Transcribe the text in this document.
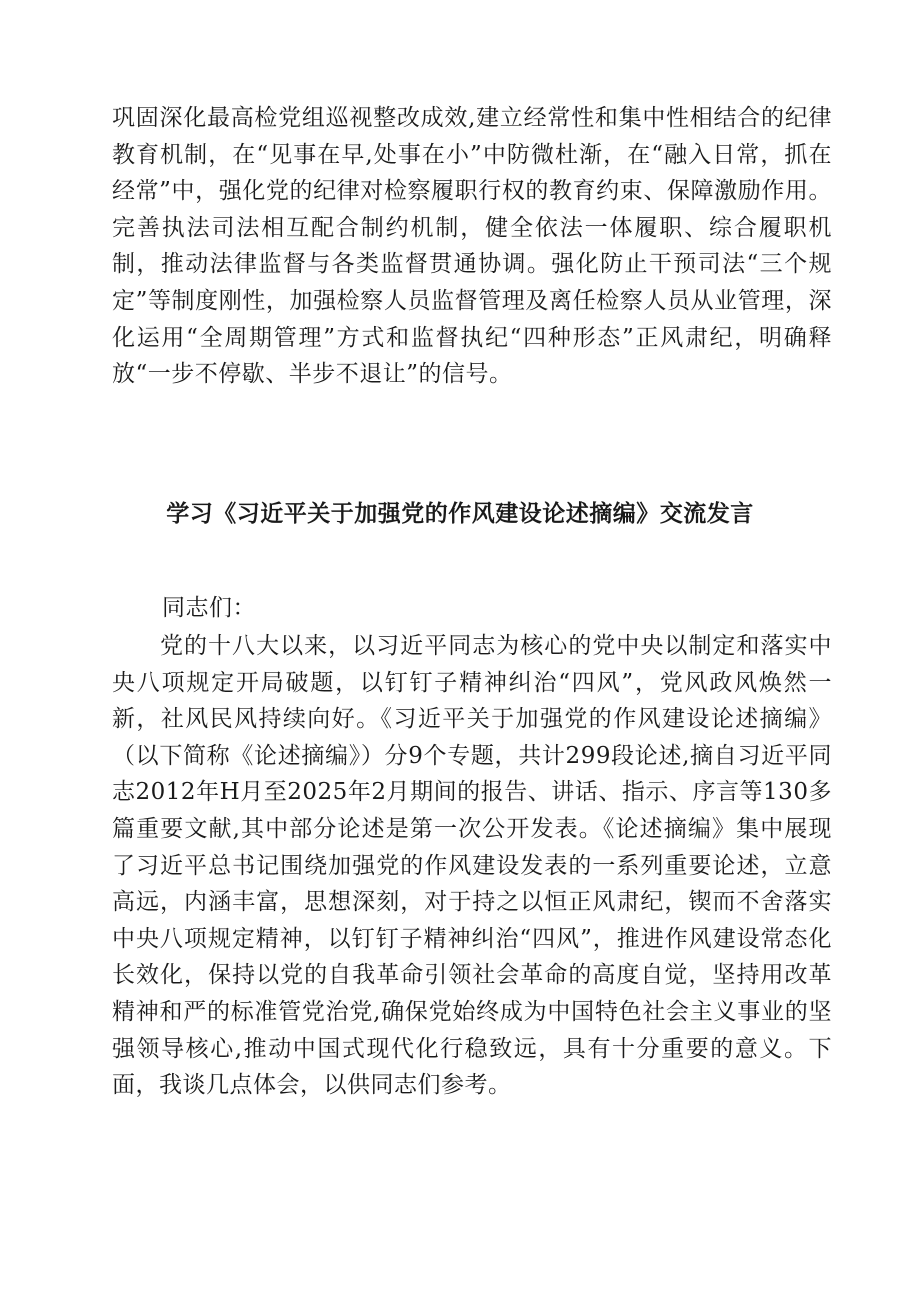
巩固深化最高检党组巡视整改成效,建立经常性和集中性相结合的纪律教育机制，在“见事在早,处事在小”中防微杜渐，在“融入日常，抓在经常”中，强化党的纪律对检察履职行权的教育约束、保障激励作用。完善执法司法相互配合制约机制，健全依法一体履职、综合履职机制，推动法律监督与各类监督贯通协调。强化防止干预司法“三个规定”等制度刚性，加强检察人员监督管理及离任检察人员从业管理，深化运用“全周期管理”方式和监督执纪“四种形态”正风肃纪，明确释放“一步不停歇、半步不退让”的信号。

学习《习近平关于加强党的作风建设论述摘编》交流发言

同志们：

党的十八大以来，以习近平同志为核心的党中央以制定和落实中央八项规定开局破题，以钉钉子精神纠治“四风”，党风政风焕然一新，社风民风持续向好。《习近平关于加强党的作风建设论述摘编》（以下简称《论述摘编》）分9个专题，共计299段论述,摘自习近平同志2012年H月至2025年2月期间的报告、讲话、指示、序言等130多篇重要文献,其中部分论述是第一次公开发表。《论述摘编》集中展现了习近平总书记围绕加强党的作风建设发表的一系列重要论述，立意高远，内涵丰富，思想深刻，对于持之以恒正风肃纪，锲而不舍落实中央八项规定精神，以钉钉子精神纠治“四风”，推进作风建设常态化长效化，保持以党的自我革命引领社会革命的高度自觉，坚持用改革精神和严的标准管党治党,确保党始终成为中国特色社会主义事业的坚强领导核心,推动中国式现代化行稳致远，具有十分重要的意义。下面，我谈几点体会，以供同志们参考。
